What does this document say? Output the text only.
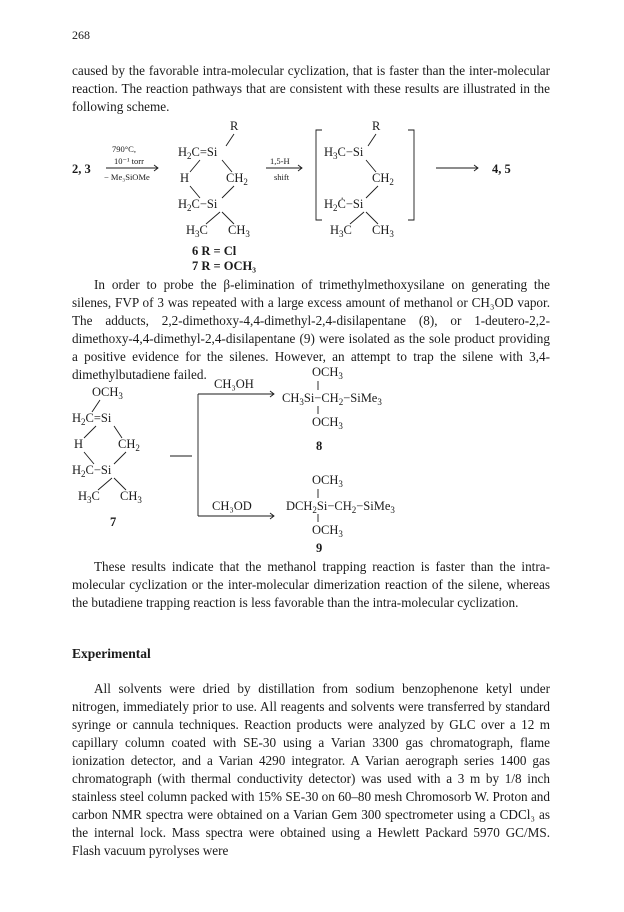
268

caused by the favorable intra-molecular cyclization, that is faster than the inter-molecular reaction. The reaction pathways that are consistent with these results are illustrated in the following scheme.

2, 3
790°C,
10⁻¹ torr
− Me₃SiOMe
R
$H_2C=Si$
H	$CH_2$
$H_2C-Si$
$H_3C$ $CH_3$
6 R = Cl
7 R = OCH₃
1,5-H
shift
R
$H_3C-Si$
$CH_2$
$H_2Ċ-Si$
$H_3C$ $CH_3$
4, 5

In order to probe the β-elimination of trimethylmethoxysilane on generating the silenes, FVP of 3 was repeated with a large excess amount of methanol or CH₃OD vapor. The adducts, 2,2-dimethoxy-4,4-dimethyl-2,4-disilapentane (8), or 1-deutero-2,2-dimethoxy-4,4-dimethyl-2,4-disilapentane (9) were isolated as the sole product providing a positive evidence for the silenes. However, an attempt to trap the silene with 3,4-dimethylbutadiene failed.

$OCH_3$
$H_2C=Si$
H	$CH_2$
$H_2C-Si$
$H_3C$ $CH_3$
7
CH₃OH
CH₃OD
$OCH_3$
$CH_3Si-CH_2-SiMe_3$
$OCH_3$
8
$OCH_3$
$DCH_2Si-CH_2-SiMe_3$
$OCH_3$
9

These results indicate that the methanol trapping reaction is faster than the intra-molecular cyclization or the inter-molecular dimerization reaction of the silene, whereas the butadiene trapping reaction is less favorable than the intra-molecular cyclization.

Experimental

All solvents were dried by distillation from sodium benzophenone ketyl under nitrogen, immediately prior to use. All reagents and solvents were transferred by standard syringe or cannula techniques. Reaction products were analyzed by GLC over a 12 m capillary column coated with SE-30 using a Varian 3300 gas chromatograph, flame ionization detector, and a Varian 4290 integrator. A Varian aerograph series 1400 gas chromatograph (with thermal conductivity detector) was used with a 3 m by 1/8 inch stainless steel column packed with 15% SE-30 on 60–80 mesh Chromosorb W. Proton and carbon NMR spectra were obtained on a Varian Gem 300 spectrometer using a CDCl₃ as the internal lock. Mass spectra were obtained using a Hewlett Packard 5970 GC/MS. Flash vacuum pyrolyses were
